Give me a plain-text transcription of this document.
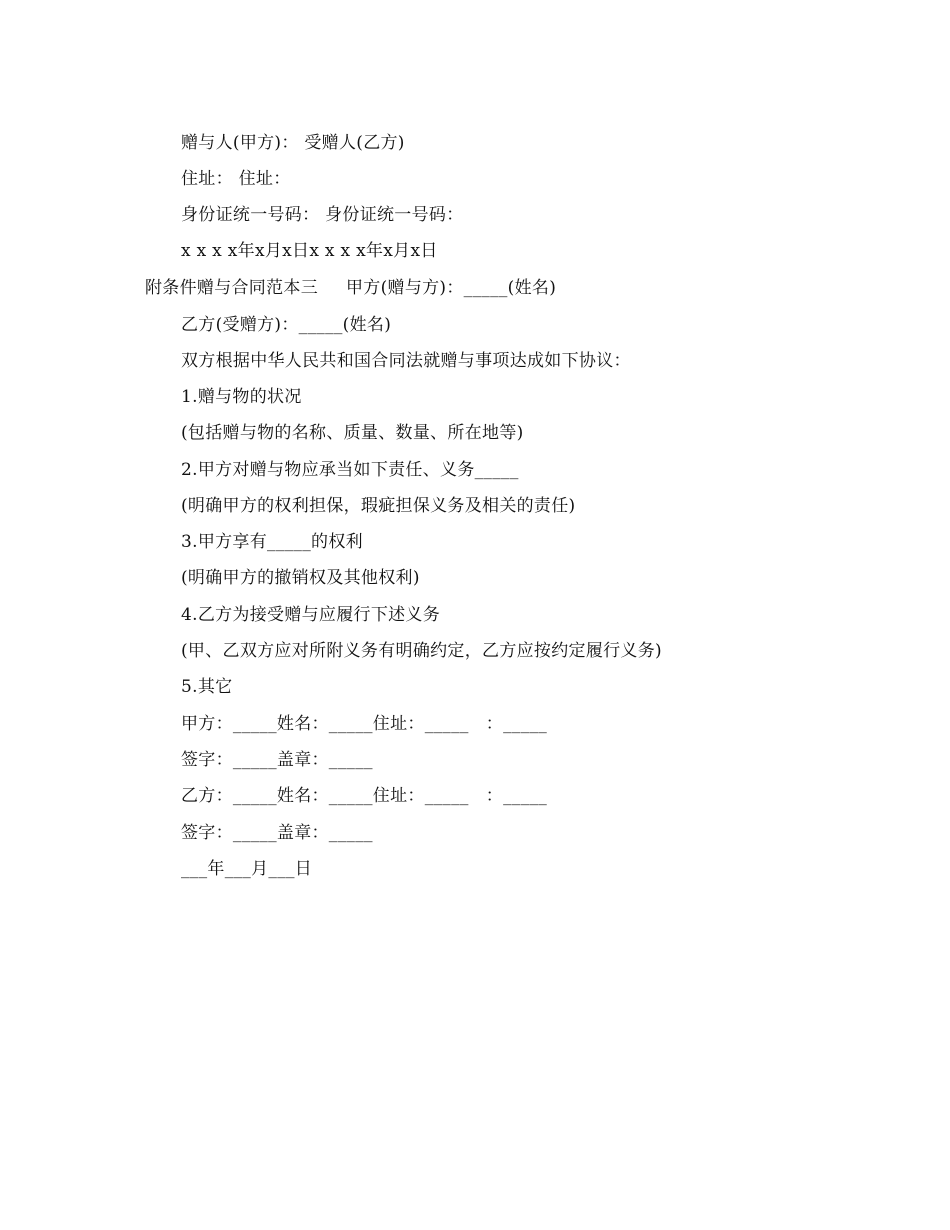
赠与人(甲方)： 受赠人(乙方)
住址： 住址：
身份证统一号码： 身份证统一号码：
x x x x年x月x日x x x x年x月x日
附条件赠与合同范本三 甲方(赠与方)：_____(姓名)
乙方(受赠方)：_____(姓名)
双方根据中华人民共和国合同法就赠与事项达成如下协议：
1.赠与物的状况
(包括赠与物的名称、质量、数量、所在地等)
2.甲方对赠与物应承当如下责任、义务_____
(明确甲方的权利担保，瑕疵担保义务及相关的责任)
3.甲方享有_____的权利
(明确甲方的撤销权及其他权利)
4.乙方为接受赠与应履行下述义务
(甲、乙双方应对所附义务有明确约定，乙方应按约定履行义务)
5.其它
甲方：_____姓名：_____住址：_____   ：_____
签字：_____盖章：_____
乙方：_____姓名：_____住址：_____   ：_____
签字：_____盖章：_____
___年___月___日
